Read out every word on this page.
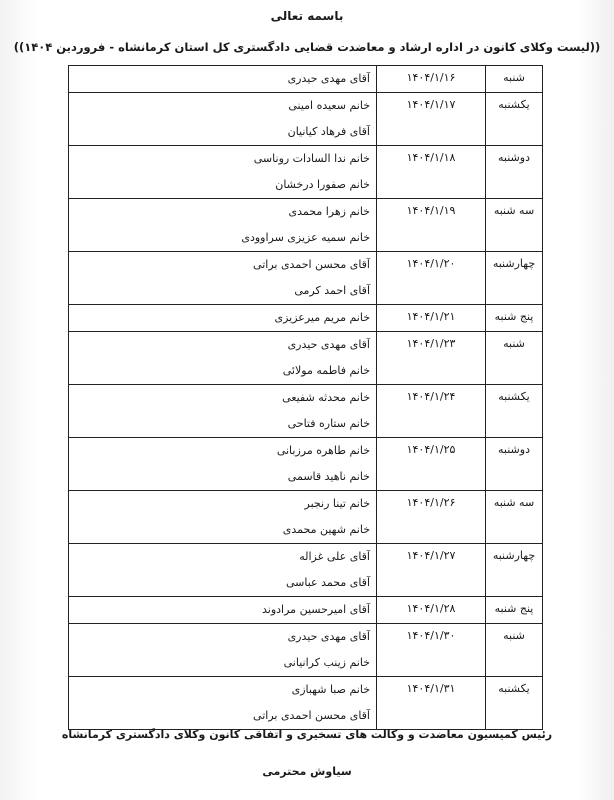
باسمه تعالی
((لیست وکلای کانون در اداره ارشاد و معاضدت قضایی دادگستری کل استان کرمانشاه - فروردین ۱۴۰۴))
شنبه	۱۴۰۴/۱/۱۶	آقای مهدی حیدری

یکشنبه	۱۴۰۴/۱/۱۷	خانم سعیده امینی
آقای فرهاد کیانیان

دوشنبه	۱۴۰۴/۱/۱۸	خانم ندا السادات روناسی
خانم صفورا درخشان

سه شنبه	۱۴۰۴/۱/۱۹	خانم زهرا محمدی
خانم سمیه عزیزی سراوودی

چهارشنبه	۱۴۰۴/۱/۲۰	آقای محسن احمدی براتی
آقای احمد کرمی

پنج شنبه	۱۴۰۴/۱/۲۱	خانم مریم میرعزیزی

شنبه	۱۴۰۴/۱/۲۳	آقای مهدی حیدری
خانم فاطمه مولائی

یکشنبه	۱۴۰۴/۱/۲۴	خانم محدثه شفیعی
خانم ستاره فتاحی

دوشنبه	۱۴۰۴/۱/۲۵	خانم طاهره مرزبانی
خانم ناهید قاسمی

سه شنبه	۱۴۰۴/۱/۲۶	خانم تینا رنجبر
خانم شهین محمدی

چهارشنبه	۱۴۰۴/۱/۲۷	آقای علی غزاله
آقای محمد عباسی

پنج شنبه	۱۴۰۴/۱/۲۸	آقای امیرحسین مرادوند

شنبه	۱۴۰۴/۱/۳۰	آقای مهدی حیدری
خانم زینب کرانیانی

یکشنبه	۱۴۰۴/۱/۳۱	خانم صبا شهبازی
آقای محسن احمدی براتی
رئیس کمیسیون معاضدت و وکالت های تسخیری و اتفاقی کانون وکلای دادگستری کرمانشاه
سیاوش محترمی
